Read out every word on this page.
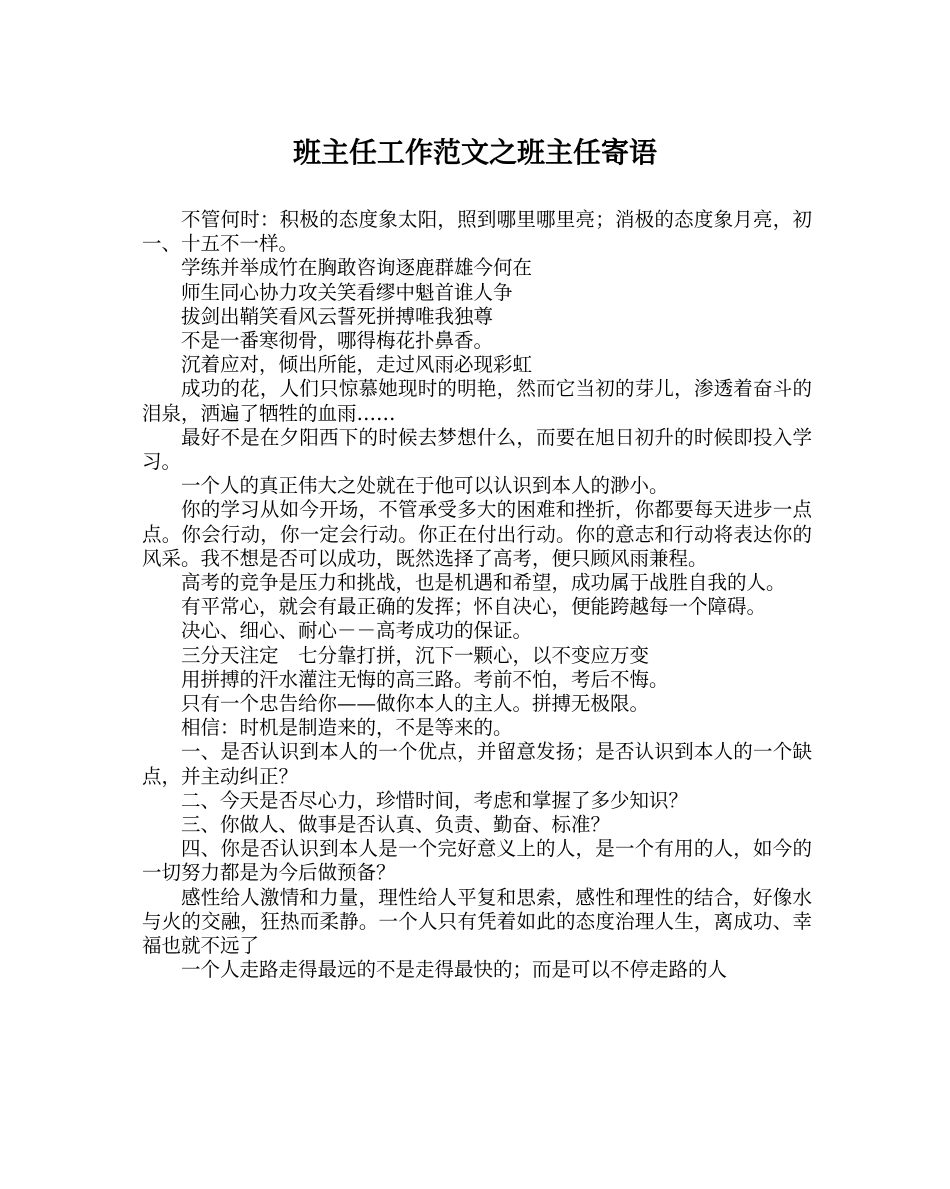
班主任工作范文之班主任寄语

不管何时：积极的态度象太阳，照到哪里哪里亮；消极的态度象月亮，初一、十五不一样。

学练并举成竹在胸敢咨询逐鹿群雄今何在

师生同心协力攻关笑看缪中魁首谁人争

拔剑出鞘笑看风云誓死拼搏唯我独尊

不是一番寒彻骨，哪得梅花扑鼻香。

沉着应对，倾出所能，走过风雨必现彩虹

成功的花，人们只惊慕她现时的明艳，然而它当初的芽儿，渗透着奋斗的泪泉，洒遍了牺牲的血雨……

最好不是在夕阳西下的时候去梦想什么，而要在旭日初升的时候即投入学习。

一个人的真正伟大之处就在于他可以认识到本人的渺小。

你的学习从如今开场，不管承受多大的困难和挫折，你都要每天进步一点点。你会行动，你一定会行动。你正在付出行动。你的意志和行动将表达你的风采。我不想是否可以成功，既然选择了高考，便只顾风雨兼程。

高考的竞争是压力和挑战，也是机遇和希望，成功属于战胜自我的人。

有平常心，就会有最正确的发挥；怀自决心，便能跨越每一个障碍。

决心、细心、耐心－－高考成功的保证。

三分天注定　七分靠打拼，沉下一颗心，以不变应万变

用拼搏的汗水灌注无悔的高三路。考前不怕，考后不悔。

只有一个忠告给你——做你本人的主人。拼搏无极限。

相信：时机是制造来的，不是等来的。

一、是否认识到本人的一个优点，并留意发扬；是否认识到本人的一个缺点，并主动纠正？

二、今天是否尽心力，珍惜时间，考虑和掌握了多少知识？

三、你做人、做事是否认真、负责、勤奋、标准？

四、你是否认识到本人是一个完好意义上的人，是一个有用的人，如今的一切努力都是为今后做预备？

感性给人激情和力量，理性给人平复和思索，感性和理性的结合，好像水与火的交融，狂热而柔静。一个人只有凭着如此的态度治理人生，离成功、幸福也就不远了

一个人走路走得最远的不是走得最快的；而是可以不停走路的人
